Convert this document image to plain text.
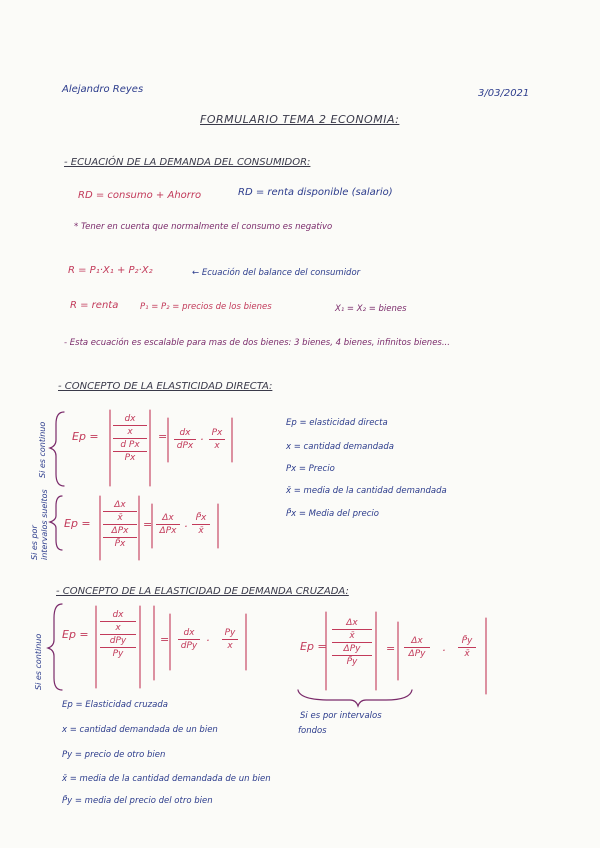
Alejandro Reyes	3/03/2021
FORMULARIO TEMA 2 ECONOMIA:
- ECUACIÓN DE LA DEMANDA DEL CONSUMIDOR:
RD = consumo + Ahorro	RD = renta disponible (salario)
* Tener en cuenta que normalmente el consumo es negativo
R = P₁·X₁ + P₂·X₂	← Ecuación del balance del consumidor
R = renta	P₁ = P₂ = precios de los bienes	X₁ = X₂ = bienes
- Esta ecuación es escalable para mas de dos bienes: 3 bienes, 4 bienes, infinitos bienes...
- CONCEPTO DE LA ELASTICIDAD DIRECTA:
Si es continuo
Si es por intervalos sueltos
Ep =
dx
x
d Px
Px
= dx
dPx · Px
x
Ep =
Δx
x̄
ΔPx
P̄x
= Δx
ΔPx ·
P̄x
x̄
Ep = elasticidad directa
x = cantidad demandada
Px = Precio
x̄ = media de la cantidad demandada
P̄x = Media del precio
- CONCEPTO DE LA ELASTICIDAD DE DEMANDA CRUZADA:
Si es continuo Ep =
dx
x
dPy
Py
= dx
dPy ·
Py
x	Ep =
Δx
x̄
ΔPy
P̄y
=
Δx
ΔPy ·
P̄y
x̄
Si es por intervalos
fondos
Ep = Elasticidad cruzada
x = cantidad demandada de un bien
Py = precio de otro bien
x̄ = media de la cantidad demandada de un bien
P̄y = media del precio del otro bien
